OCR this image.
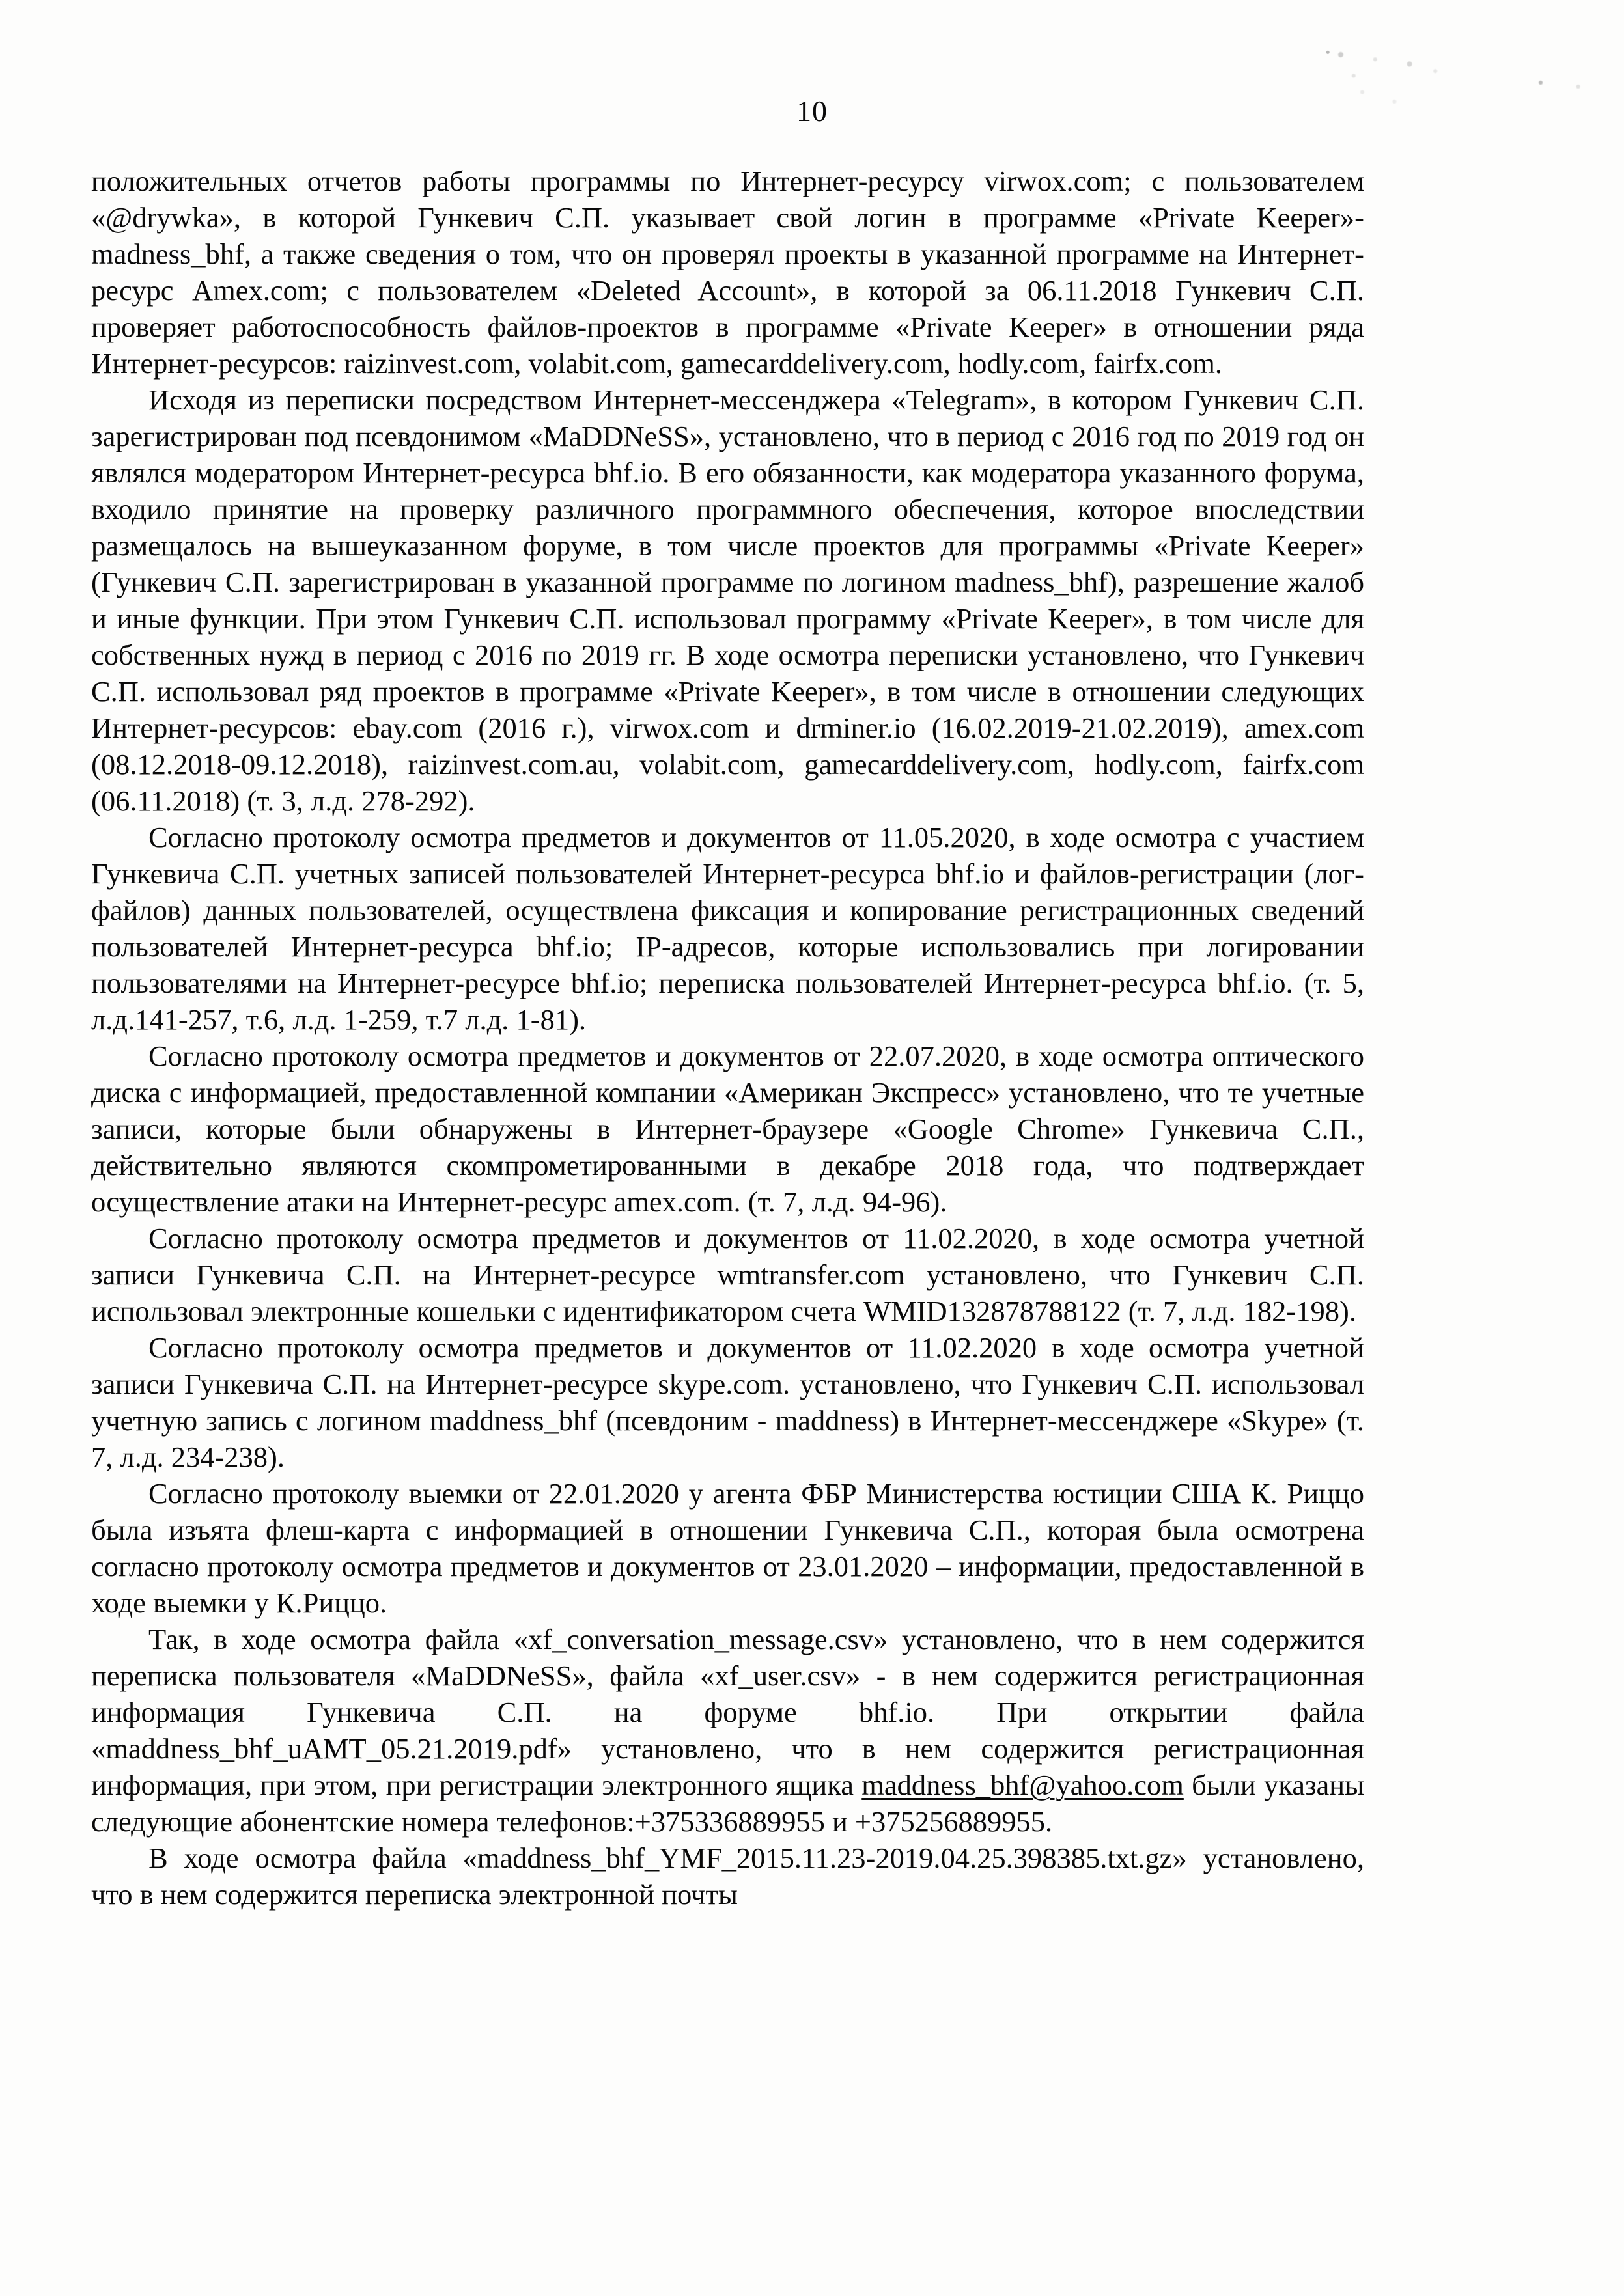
10

положительных отчетов работы программы по Интернет-ресурсу virwox.com; с пользователем «@drywka», в которой Гункевич С.П. указывает свой логин в программе «Private Keeper»- madness_bhf, а также сведения о том, что он проверял проекты в указанной программе на Интернет-ресурс Amex.com; с пользователем «Deleted Account», в которой за 06.11.2018 Гункевич С.П. проверяет работоспособность файлов-проектов в программе «Private Keeper» в отношении ряда Интернет-ресурсов: raizinvest.com, volabit.com, gamecarddelivery.com, hodly.com, fairfx.com.

Исходя из переписки посредством Интернет-мессенджера «Telegram», в котором Гункевич С.П. зарегистрирован под псевдонимом «MaDDNeSS», установлено, что в период с 2016 год по 2019 год он являлся модератором Интернет-ресурса bhf.io. В его обязанности, как модератора указанного форума, входило принятие на проверку различного программного обеспечения, которое впоследствии размещалось на вышеуказанном форуме, в том числе проектов для программы «Private Keeper» (Гункевич С.П. зарегистрирован в указанной программе по логином madness_bhf), разрешение жалоб и иные функции. При этом Гункевич С.П. использовал программу «Private Keeper», в том числе для собственных нужд в период с 2016 по 2019 гг. В ходе осмотра переписки установлено, что Гункевич С.П. использовал ряд проектов в программе «Private Keeper», в том числе в отношении следующих Интернет-ресурсов: ebay.com (2016 г.), virwox.com и drminer.io (16.02.2019-21.02.2019), amex.com (08.12.2018-09.12.2018), raizinvest.com.au, volabit.com, gamecarddelivery.com, hodly.com, fairfx.com (06.11.2018) (т. 3, л.д. 278-292).

Согласно протоколу осмотра предметов и документов от 11.05.2020, в ходе осмотра с участием Гункевича С.П. учетных записей пользователей Интернет-ресурса bhf.io и файлов-регистрации (лог-файлов) данных пользователей, осуществлена фиксация и копирование регистрационных сведений пользователей Интернет-ресурса bhf.io; IP-адресов, которые использовались при логировании пользователями на Интернет-ресурсе bhf.io; переписка пользователей Интернет-ресурса bhf.io. (т. 5, л.д.141-257, т.6, л.д. 1-259, т.7 л.д. 1-81).

Согласно протоколу осмотра предметов и документов от 22.07.2020, в ходе осмотра оптического диска с информацией, предоставленной компании «Американ Экспресс» установлено, что те учетные записи, которые были обнаружены в Интернет-браузере «Google Chrome» Гункевича С.П., действительно являются скомпрометированными в декабре 2018 года, что подтверждает осуществление атаки на Интернет-ресурс amex.com. (т. 7, л.д. 94-96).

Согласно протоколу осмотра предметов и документов от 11.02.2020, в ходе осмотра учетной записи Гункевича С.П. на Интернет-ресурсе wmtransfer.com установлено, что Гункевич С.П. использовал электронные кошельки с идентификатором счета WMID132878788122 (т. 7, л.д. 182-198).

Согласно протоколу осмотра предметов и документов от 11.02.2020 в ходе осмотра учетной записи Гункевича С.П. на Интернет-ресурсе skype.com. установлено, что Гункевич С.П. использовал учетную запись с логином maddness_bhf (псевдоним - maddness) в Интернет-мессенджере «Skype» (т. 7, л.д. 234-238).

Согласно протоколу выемки от 22.01.2020 у агента ФБР Министерства юстиции США К. Риццо была изъята флеш-карта с информацией в отношении Гункевича С.П., которая была осмотрена согласно протоколу осмотра предметов и документов от 23.01.2020 – информации, предоставленной в ходе выемки у К.Риццо.

Так, в ходе осмотра файла «xf_conversation_message.csv» установлено, что в нем содержится переписка пользователя «MaDDNeSS», файла «xf_user.csv» - в нем содержится регистрационная информация Гункевича С.П. на форуме bhf.io. При открытии файла «maddness_bhf_uAMT_05.21.2019.pdf» установлено, что в нем содержится регистрационная информация, при этом, при регистрации электронного ящика maddness_bhf@yahoo.com были указаны следующие абонентские номера телефонов:+375336889955 и +375256889955.

В ходе осмотра файла «maddness_bhf_YMF_2015.11.23-2019.04.25.398385.txt.gz» установлено, что в нем содержится переписка электронной почты
